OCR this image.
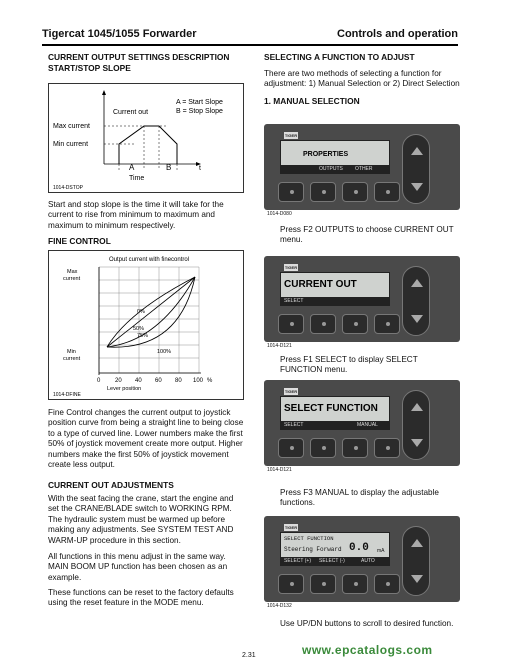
Tigercat 1045/1055 Forwarder	Controls and operation
CURRENT OUTPUT SETTINGS DESCRIPTION
START/STOP SLOPE
A	B	t
Time
Current out
A = Start Slope
B = Stop Slope
Max current
Min current
1014-DSTOP
Start and stop slope is the time it will take for the current to rise from minimum to maximum and maximum to minimum respectively.
FINE CONTROL
Output current with finecontrol
0%
50%
75%
100%
Max
current
Min
current
0 20 40 60 80 100 %
Lever position
1014-DFINE
Fine Control changes the current output to joystick position curve from being a straight line to being close to a type of curved line. Lower numbers make the first 50% of joystick movement create more output. Higher numbers make the first 50% of joystick movement create less output.
CURRENT OUT ADJUSTMENTS
With the seat facing the crane, start the engine and set the CRANE/BLADE switch to WORKING RPM. The hydraulic system must be warmed up before making any adjustments. See SYSTEM TEST AND WARM-UP procedure in this section.
All functions in this menu adjust in the same way. MAIN BOOM UP function has been chosen as an example.
These functions can be reset to the factory defaults using the reset feature in the MODE menu.
SELECTING A FUNCTION TO ADJUST
There are two methods of selecting a function for adjustment: 1) Manual Selection or 2) Direct Selection
1. MANUAL SELECTION
TIGER
PROPERTIES
OUTPUTS OTHER
1014-D080
Press F2 OUTPUTS to choose CURRENT OUT menu.
TIGER
CURRENT OUT
SELECT
1014-D121
Press F1 SELECT to display SELECT FUNCTION menu.
TIGER
SELECT FUNCTION
SELECT	MANUAL
1014-D121
Press F3 MANUAL to display the adjustable functions.
TIGER
SELECT FUNCTION
Steering Forward 0.0 mA
SELECT (+) SELECT (-)	AUTO
1014-D132
Use UP/DN buttons to scroll to desired function.
2.31	www.epcatalogs.com
